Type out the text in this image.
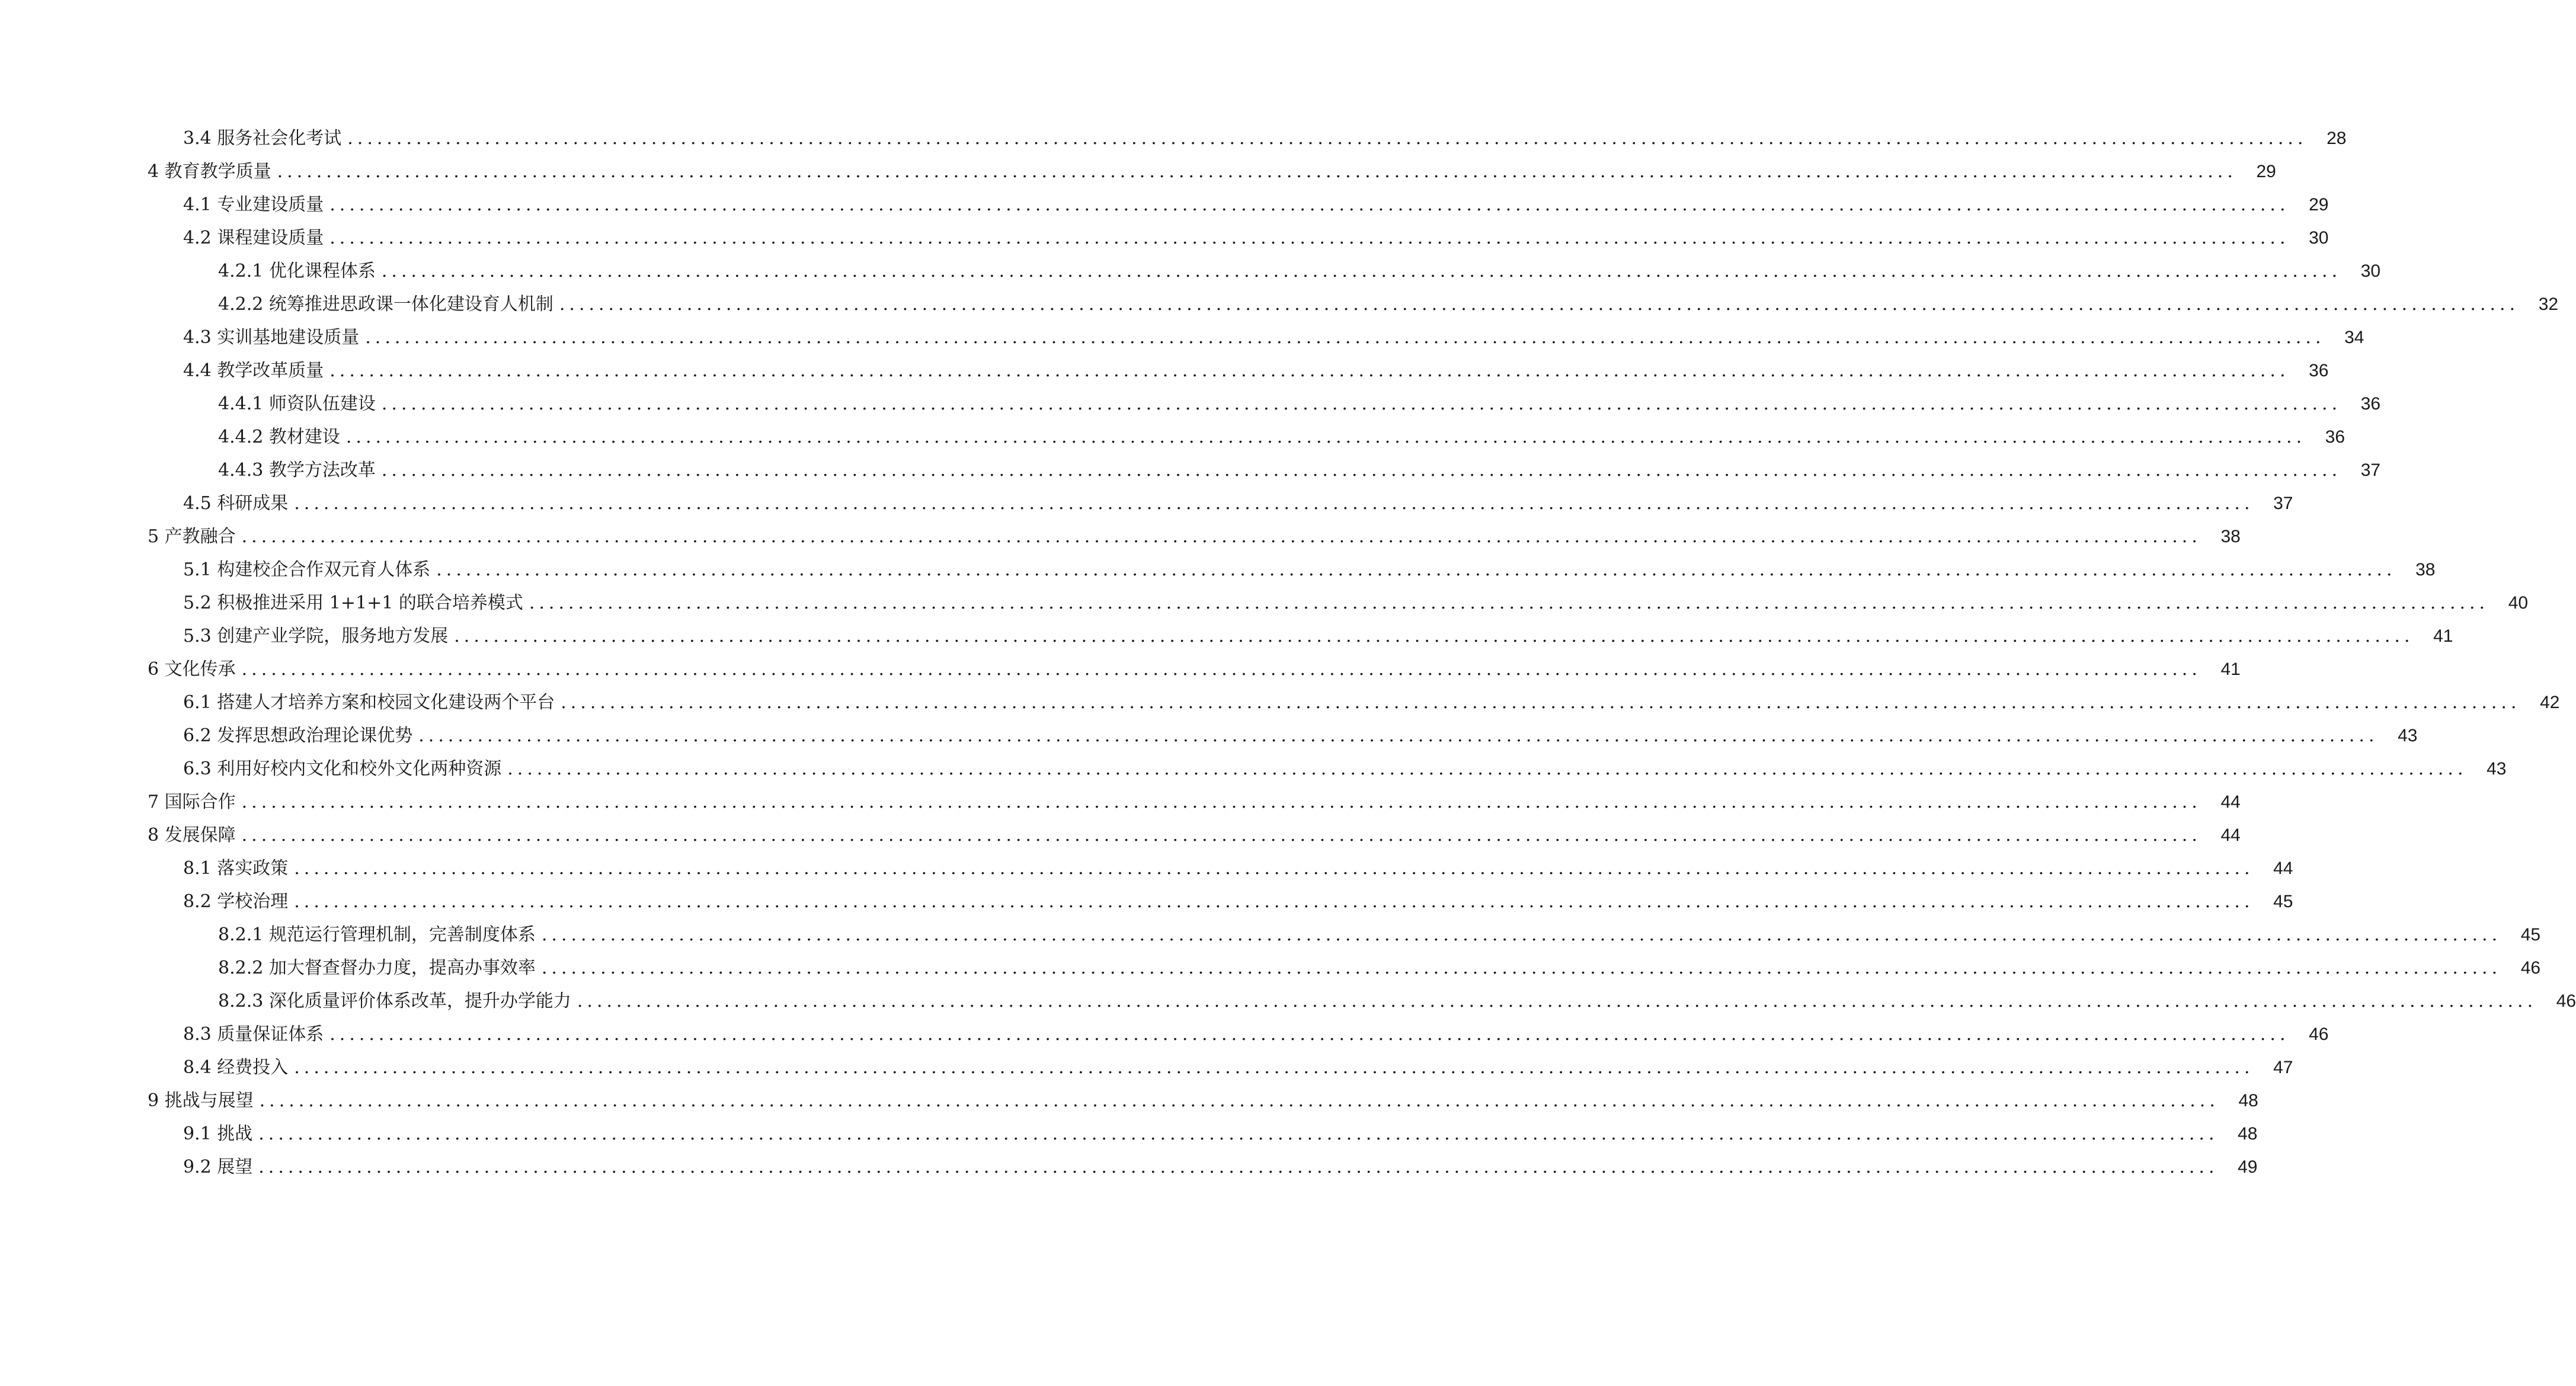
3.4 服务社会化考试 ........................................................................................................................................................................................................	28
4 教育教学质量 ........................................................................................................................................................................................................	29
4.1 专业建设质量 ........................................................................................................................................................................................................	29
4.2 课程建设质量 ........................................................................................................................................................................................................	30
4.2.1 优化课程体系 ........................................................................................................................................................................................................	30
4.2.2 统筹推进思政课一体化建设育人机制 ........................................................................................................................................................................................................	32
4.3 实训基地建设质量 ........................................................................................................................................................................................................	34
4.4 教学改革质量 ........................................................................................................................................................................................................	36
4.4.1 师资队伍建设 ........................................................................................................................................................................................................	36
4.4.2 教材建设 ........................................................................................................................................................................................................	36
4.4.3 教学方法改革 ........................................................................................................................................................................................................	37
4.5 科研成果 ........................................................................................................................................................................................................	37
5 产教融合 ........................................................................................................................................................................................................	38
5.1 构建校企合作双元育人体系 ........................................................................................................................................................................................................	38
5.2 积极推进采用 1+1+1 的联合培养模式 ........................................................................................................................................................................................................	40
5.3 创建产业学院，服务地方发展 ........................................................................................................................................................................................................	41
6 文化传承 ........................................................................................................................................................................................................	41
6.1 搭建人才培养方案和校园文化建设两个平台 ........................................................................................................................................................................................................	42
6.2 发挥思想政治理论课优势 ........................................................................................................................................................................................................	43
6.3 利用好校内文化和校外文化两种资源 ........................................................................................................................................................................................................	43
7 国际合作 ........................................................................................................................................................................................................	44
8 发展保障 ........................................................................................................................................................................................................	44
8.1 落实政策 ........................................................................................................................................................................................................	44
8.2 学校治理 ........................................................................................................................................................................................................	45
8.2.1 规范运行管理机制，完善制度体系 ........................................................................................................................................................................................................	45
8.2.2 加大督查督办力度，提高办事效率 ........................................................................................................................................................................................................	46
8.2.3 深化质量评价体系改革，提升办学能力 ........................................................................................................................................................................................................	46
8.3 质量保证体系 ........................................................................................................................................................................................................	46
8.4 经费投入 ........................................................................................................................................................................................................	47
9 挑战与展望 ........................................................................................................................................................................................................	48
9.1 挑战 ........................................................................................................................................................................................................	48
9.2 展望 ........................................................................................................................................................................................................	49
